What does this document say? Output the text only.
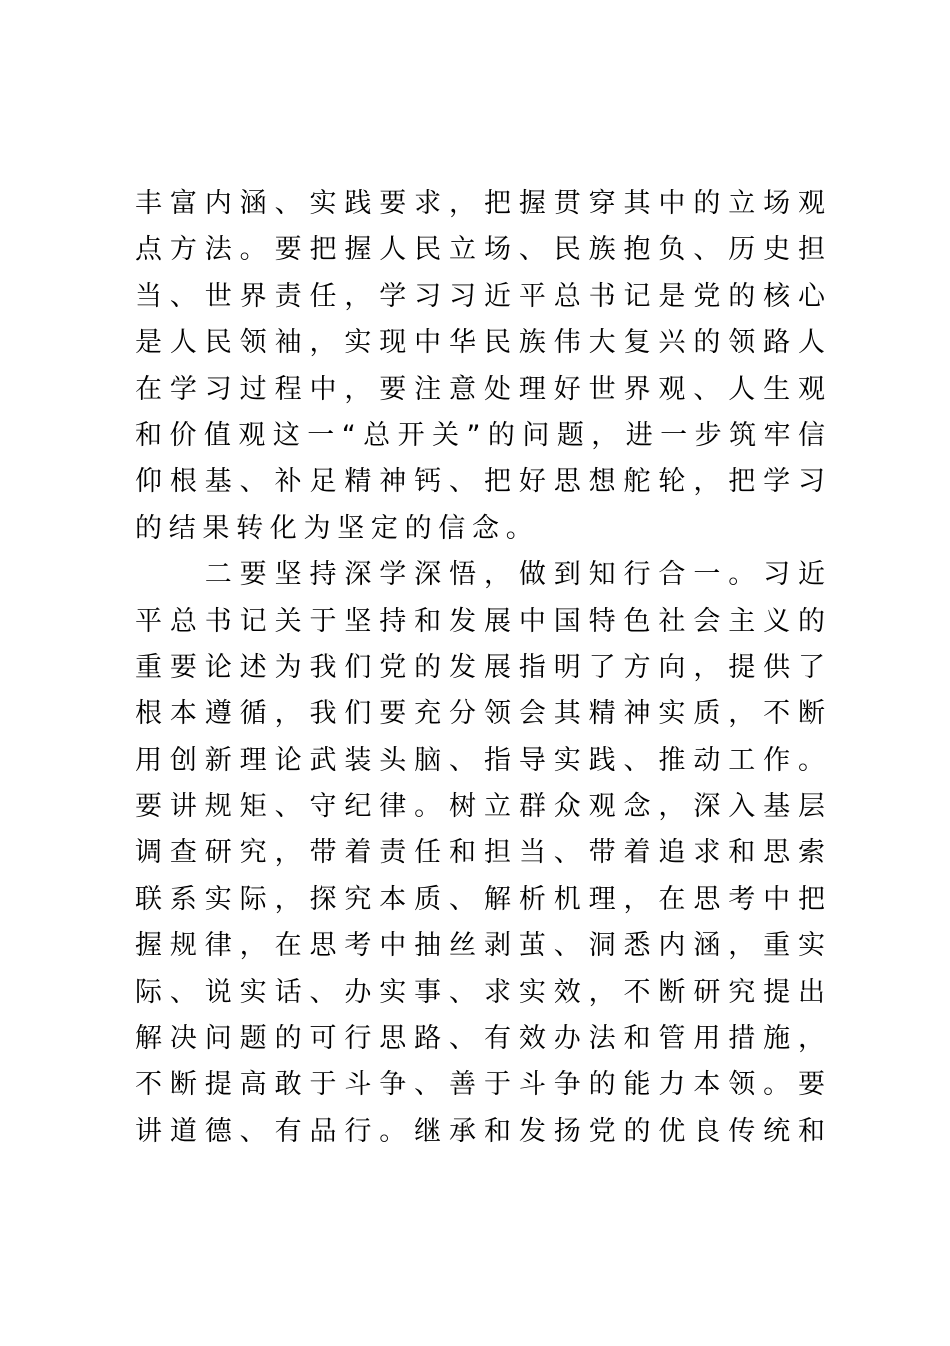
丰富内涵、实践要求，把握贯穿其中的立场观
点方法。要把握人民立场、民族抱负、历史担
当、世界责任，学习习近平总书记是党的核心
是人民领袖，实现中华民族伟大复兴的领路人
在学习过程中，要注意处理好世界观、人生观
和价值观这一“总开关”的问题，进一步筑牢信
仰根基、补足精神钙、把好思想舵轮，把学习
的结果转化为坚定的信念。
　　二要坚持深学深悟，做到知行合一。习近
平总书记关于坚持和发展中国特色社会主义的
重要论述为我们党的发展指明了方向，提供了
根本遵循，我们要充分领会其精神实质，不断
用创新理论武装头脑、指导实践、推动工作。
要讲规矩、守纪律。树立群众观念，深入基层
调查研究，带着责任和担当、带着追求和思索
联系实际，探究本质、解析机理，在思考中把
握规律，在思考中抽丝剥茧、洞悉内涵，重实
际、说实话、办实事、求实效，不断研究提出
解决问题的可行思路、有效办法和管用措施，
不断提高敢于斗争、善于斗争的能力本领。要
讲道德、有品行。继承和发扬党的优良传统和
